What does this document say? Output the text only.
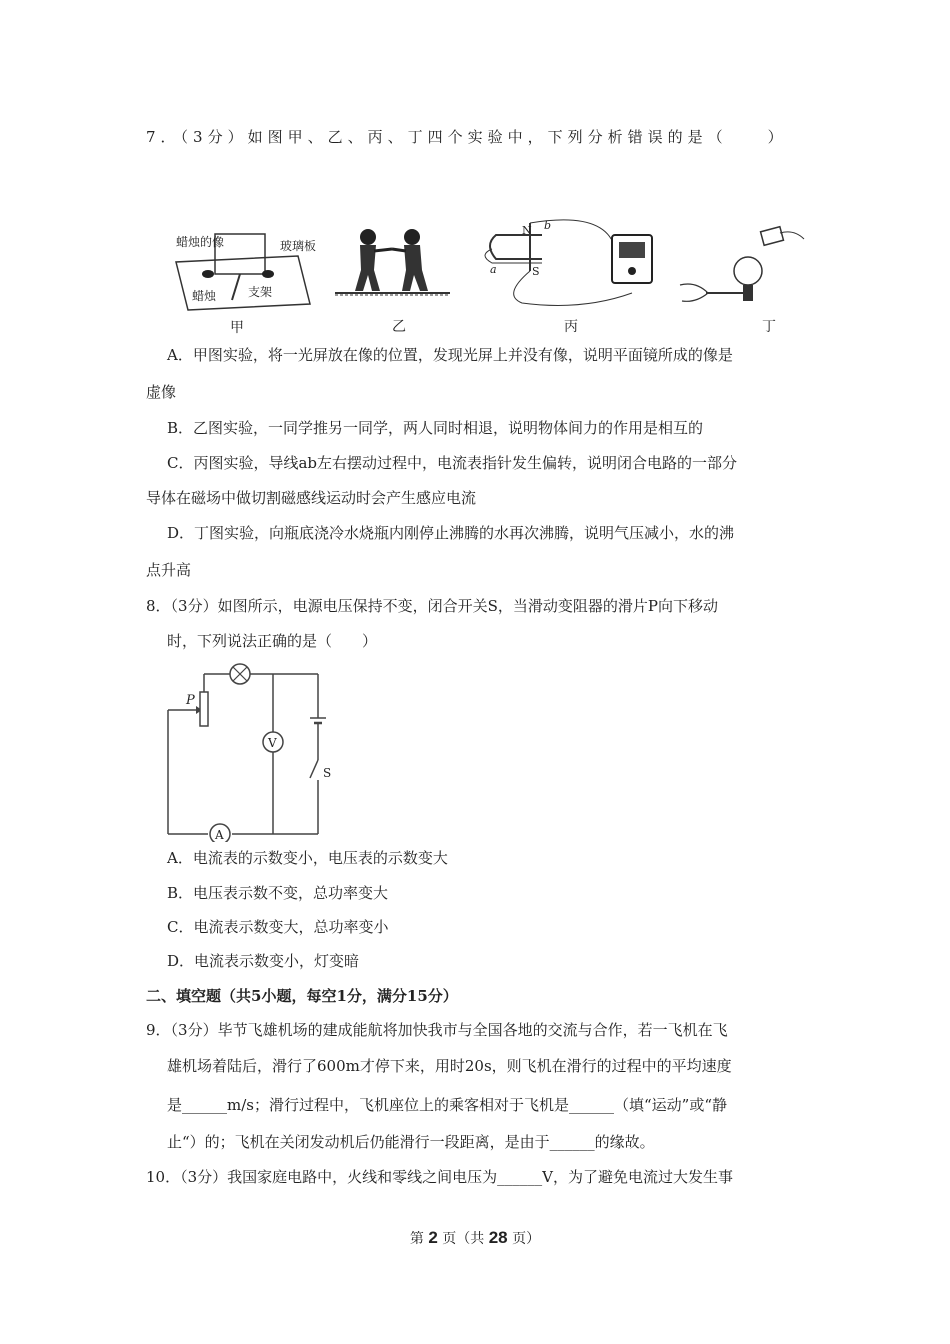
7．（3分）如图甲、乙、丙、丁四个实验中，下列分析错误的是（　　）

蜡烛的像	玻璃板
蜡烛	支架
甲	乙
N
S
a
b
丙	丁

A．甲图实验，将一光屏放在像的位置，发现光屏上并没有像，说明平面镜所成的像是

虚像

B．乙图实验，一同学推另一同学，两人同时相退，说明物体间力的作用是相互的

C．丙图实验，导线ab左右摆动过程中，电流表指针发生偏转，说明闭合电路的一部分

导体在磁场中做切割磁感线运动时会产生感应电流

D．丁图实验，向瓶底浇冷水烧瓶内刚停止沸腾的水再次沸腾，说明气压减小，水的沸

点升高

8．（3分）如图所示，电源电压保持不变，闭合开关S，当滑动变阻器的滑片P向下移动

时，下列说法正确的是（　　）

V
S
A
P

A．电流表的示数变小，电压表的示数变大

B．电压表示数不变，总功率变大

C．电流表示数变大，总功率变小

D．电流表示数变小，灯变暗

二、填空题（共5小题，每空1分，满分15分）

9．（3分）毕节飞雄机场的建成能航将加快我市与全国各地的交流与合作，若一飞机在飞

雄机场着陆后，滑行了600m才停下来，用时20s，则飞机在滑行的过程中的平均速度

是______m/s；滑行过程中，飞机座位上的乘客相对于飞机是______（填“运动”或“静

止“）的；飞机在关闭发动机后仍能滑行一段距离，是由于______的缘故。

10．（3分）我国家庭电路中，火线和零线之间电压为______V，为了避免电流过大发生事

第 2 页（共 28 页）
